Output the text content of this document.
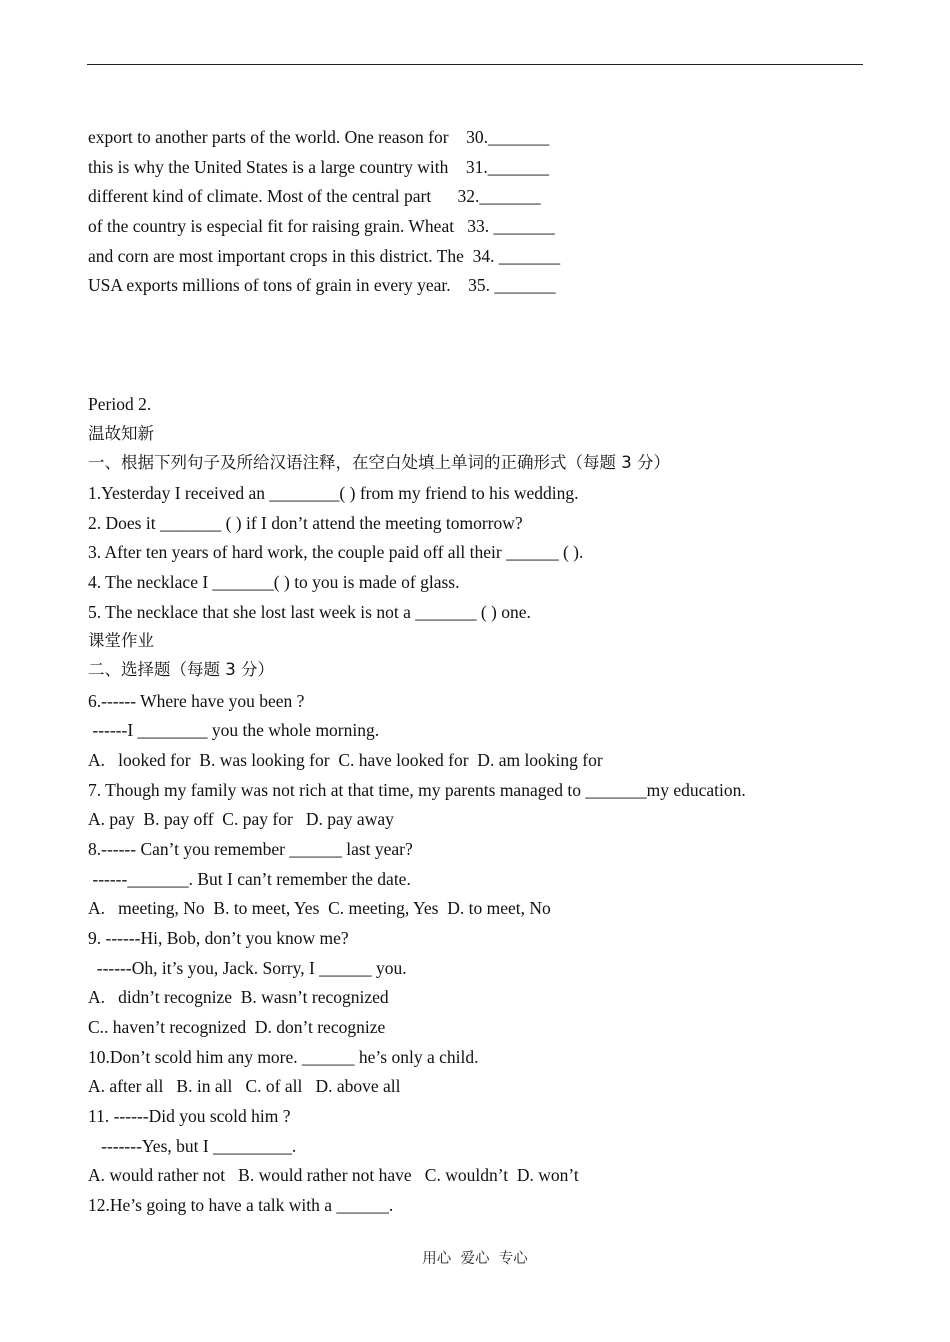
export to another parts of the world. One reason for    30._______
this is why the United States is a large country with    31._______
different kind of climate. Most of the central part      32._______
of the country is especial fit for raising grain. Wheat   33. _______
and corn are most important crops in this district. The  34. _______
USA exports millions of tons of grain in every year.    35. _______
Period 2.
温故知新
一、根据下列句子及所给汉语注释，在空白处填上单词的正确形式（每题 3 分）
1.Yesterday I received an ________( ) from my friend to his wedding.
2. Does it _______ ( ) if I don’t attend the meeting tomorrow?
3. After ten years of hard work, the couple paid off all their ______ ( ).
4. The necklace I _______( ) to you is made of glass.
5. The necklace that she lost last week is not a _______ ( ) one.
课堂作业
二、选择题（每题 3 分）
6.------ Where have you been ?
------I ________ you the whole morning.
A.   looked for  B. was looking for  C. have looked for  D. am looking for
7. Though my family was not rich at that time, my parents managed to _______my education.
A. pay  B. pay off  C. pay for   D. pay away
8.------ Can’t you remember ______ last year?
------_______. But I can’t remember the date.
A.   meeting, No  B. to meet, Yes  C. meeting, Yes  D. to meet, No
9. ------Hi, Bob, don’t you know me?
------Oh, it’s you, Jack. Sorry, I ______ you.
A.   didn’t recognize  B. wasn’t recognized
C.. haven’t recognized  D. don’t recognize
10.Don’t scold him any more. ______ he’s only a child.
A. after all   B. in all   C. of all   D. above all
11. ------Did you scold him ?
-------Yes, but I _________.
A. would rather not   B. would rather not have   C. wouldn’t  D. won’t
12.He’s going to have a talk with a ______.
用心  爱心  专心
